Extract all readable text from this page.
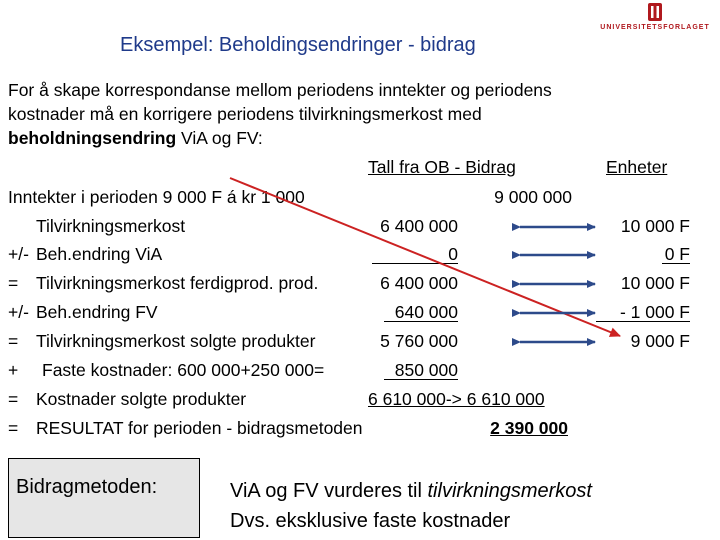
Eksempel: Beholdingsendringer - bidrag
UNIVERSITETSFORLAGET
For å skape korrespondanse mellom periodens inntekter og periodens
kostnader må en korrigere periodens tilvirkningsmerkost med
beholdningsendring ViA og FV:
Tall fra OB - Bidrag	Enheter
Inntekter i perioden 9 000 F á kr 1 000	9 000 000
Tilvirkningsmerkost	6 400 000	10 000 F
+/- Beh.endring ViA	0	0 F
= Tilvirkningsmerkost ferdigprod. prod.	6 400 000	10 000 F
+/- Beh.endring FV	640 000	- 1 000 F
= Tilvirkningsmerkost solgte produkter	5 760 000	9 000 F
+ Faste kostnader: 600 000+250 000=	850 000
= Kostnader solgte produkter	6 610 000-> 6 610 000
= RESULTAT for perioden - bidragsmetoden	2 390 000
Bidragmetoden:	ViA og FV vurderes til tilvirkningsmerkost
Dvs. eksklusive faste kostnader
